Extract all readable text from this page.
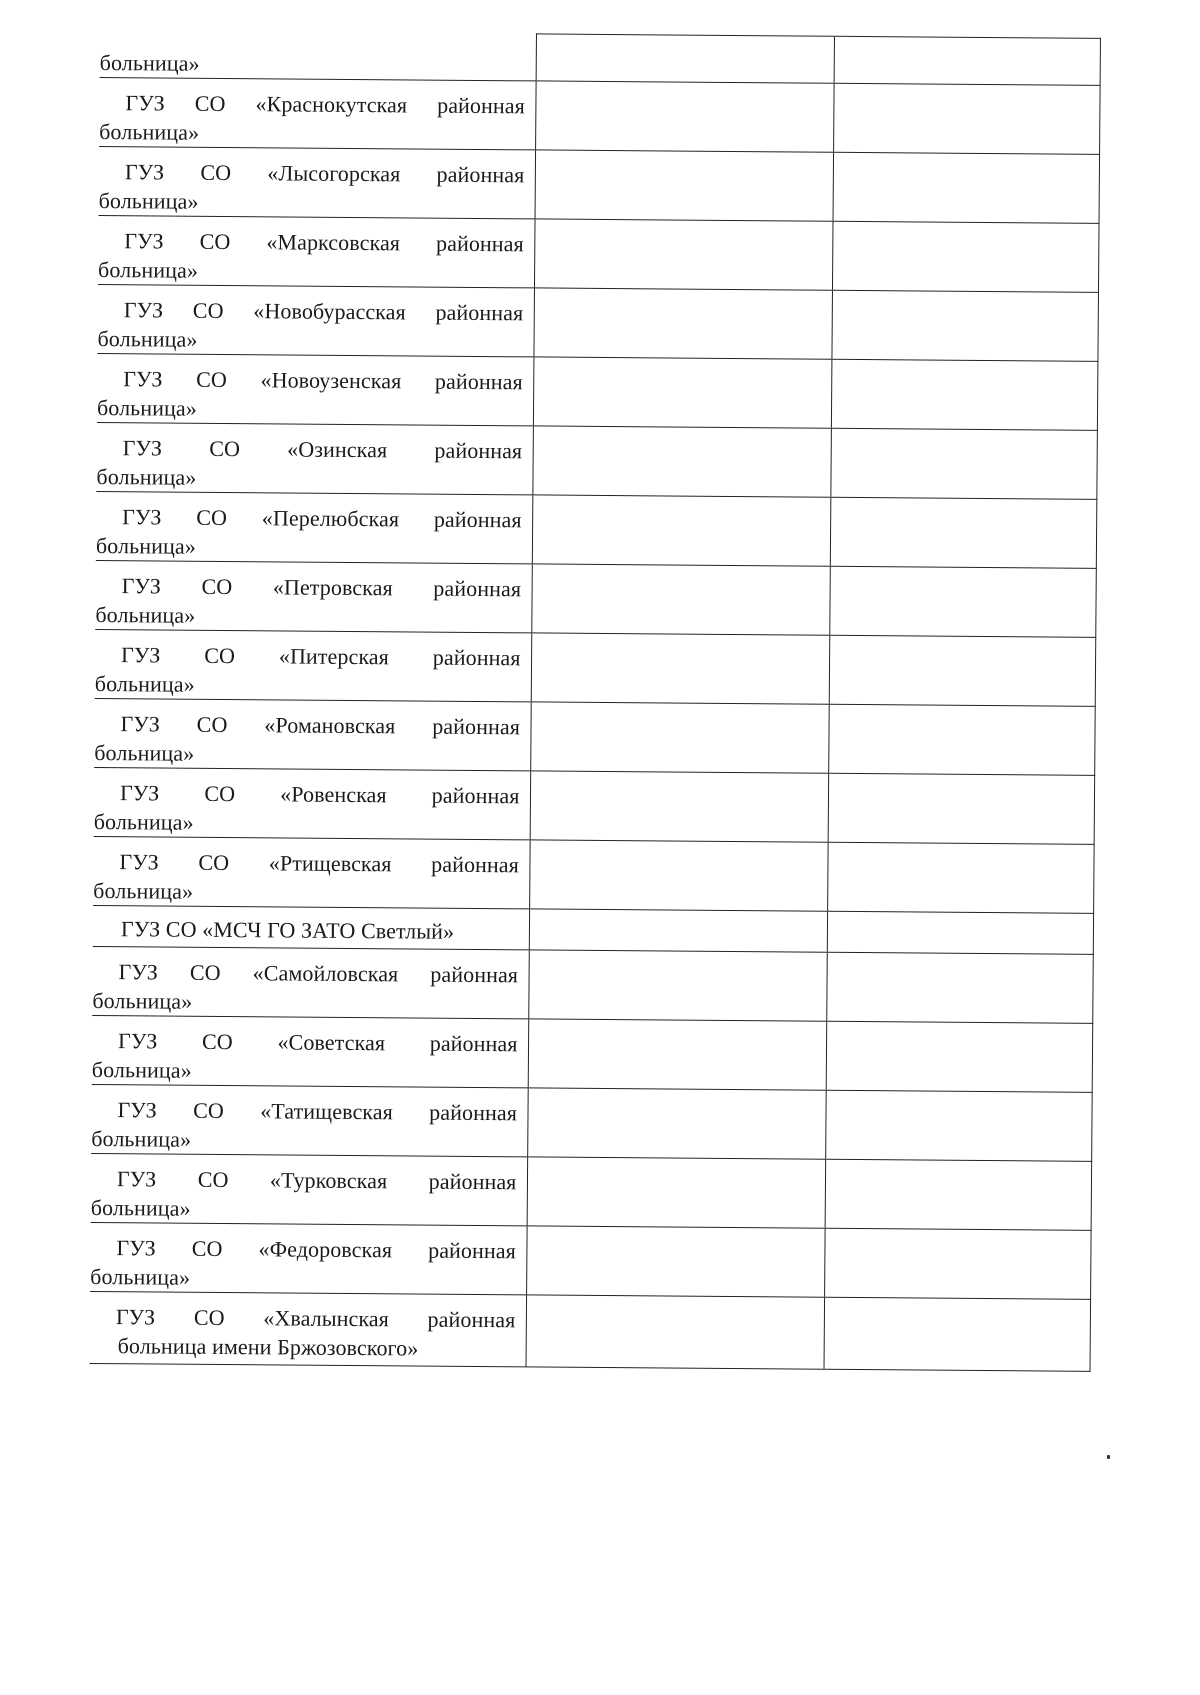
больница»		

ГУЗ СО «Краснокутская районная
больница»		

ГУЗ СО «Лысогорская районная
больница»		

ГУЗ СО «Марксовская районная
больница»		

ГУЗ СО «Новобурасская районная
больница»		

ГУЗ СО «Новоузенская районная
больница»		

ГУЗ СО «Озинская районная
больница»		

ГУЗ СО «Перелюбская районная
больница»		

ГУЗ СО «Петровская районная
больница»		

ГУЗ СО «Питерская районная
больница»		

ГУЗ СО «Романовская районная
больница»		

ГУЗ СО «Ровенская районная
больница»		

ГУЗ СО «Ртищевская районная
больница»		

ГУЗ СО «МСЧ ГО ЗАТО Светлый»		

ГУЗ СО «Самойловская районная
больница»		

ГУЗ СО «Советская районная
больница»		

ГУЗ СО «Татищевская районная
больница»		

ГУЗ СО «Турковская районная
больница»		

ГУЗ СО «Федоровская районная
больница»		

ГУЗ СО «Хвалынская районная
больница имени Бржозовского»		
